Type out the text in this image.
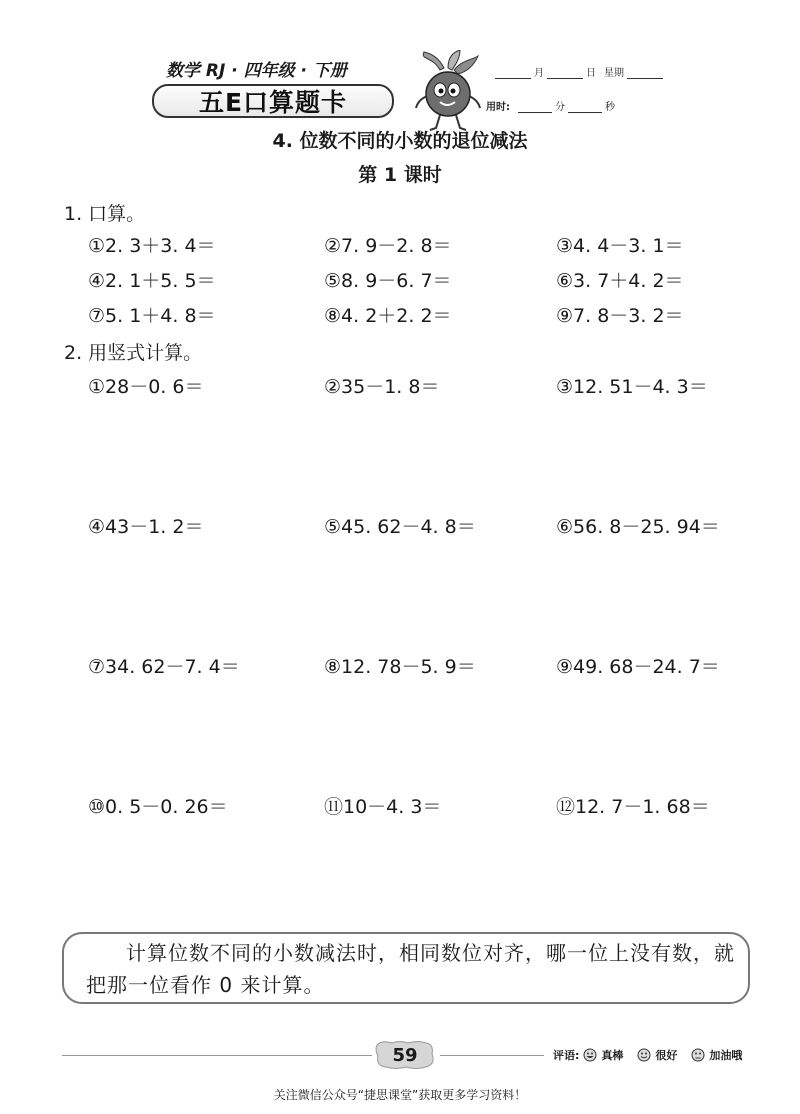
数学 RJ · 四年级 · 下册
五E口算题卡
月	日 星期
用时:	分	秒
4. 位数不同的小数的退位减法
第 1 课时
1. 口算。
①2. 3＋3. 4＝	②7. 9－2. 8＝	③4. 4－3. 1＝
④2. 1＋5. 5＝	⑤8. 9－6. 7＝	⑥3. 7＋4. 2＝
⑦5. 1＋4. 8＝	⑧4. 2＋2. 2＝	⑨7. 8－3. 2＝
2. 用竖式计算。
①28－0. 6＝	②35－1. 8＝	③12. 51－4. 3＝
④43－1. 2＝	⑤45. 62－4. 8＝	⑥56. 8－25. 94＝
⑦34. 62－7. 4＝	⑧12. 78－5. 9＝	⑨49. 68－24. 7＝
⑩0. 5－0. 26＝	⑪10－4. 3＝	⑫12. 7－1. 68＝
计算位数不同的小数减法时，相同数位对齐，哪一位上没有数，就把那一位看作 0 来计算。
59	评语: 真棒	很好	加油哦
关注微信公众号“捷思课堂”获取更多学习资料！
